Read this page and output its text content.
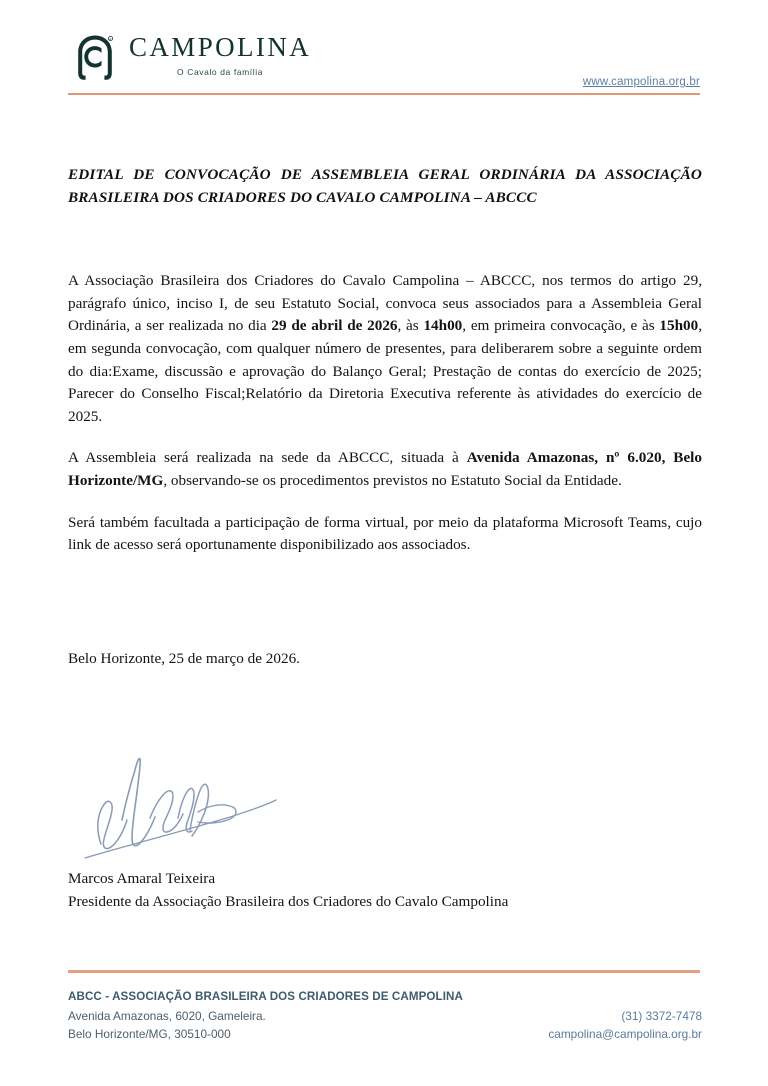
R CAMPOLINA
O Cavalo da família
www.campolina.org.br
EDITAL DE CONVOCAÇÃO DE ASSEMBLEIA GERAL ORDINÁRIA DA ASSOCIAÇÃO BRASILEIRA DOS CRIADORES DO CAVALO CAMPOLINA – ABCCC

A Associação Brasileira dos Criadores do Cavalo Campolina – ABCCC, nos termos do artigo 29, parágrafo único, inciso I, de seu Estatuto Social, convoca seus associados para a Assembleia Geral Ordinária, a ser realizada no dia 29 de abril de 2026, às 14h00, em primeira convocação, e às 15h00, em segunda convocação, com qualquer número de presentes, para deliberarem sobre a seguinte ordem do dia:Exame, discussão e aprovação do Balanço Geral; Prestação de contas do exercício de 2025; Parecer do Conselho Fiscal;Relatório da Diretoria Executiva referente às atividades do exercício de 2025.

A Assembleia será realizada na sede da ABCCC, situada à Avenida Amazonas, nº 6.020, Belo Horizonte/MG, observando-se os procedimentos previstos no Estatuto Social da Entidade.

Será também facultada a participação de forma virtual, por meio da plataforma Microsoft Teams, cujo link de acesso será oportunamente disponibilizado aos associados.

Belo Horizonte, 25 de março de 2026.
Marcos Amaral Teixeira
Presidente da Associação Brasileira dos Criadores do Cavalo Campolina
ABCC - ASSOCIAÇÃO BRASILEIRA DOS CRIADORES DE CAMPOLINA
Avenida Amazonas, 6020, Gameleira.
Belo Horizonte/MG, 30510-000
(31) 3372-7478
campolina@campolina.org.br
